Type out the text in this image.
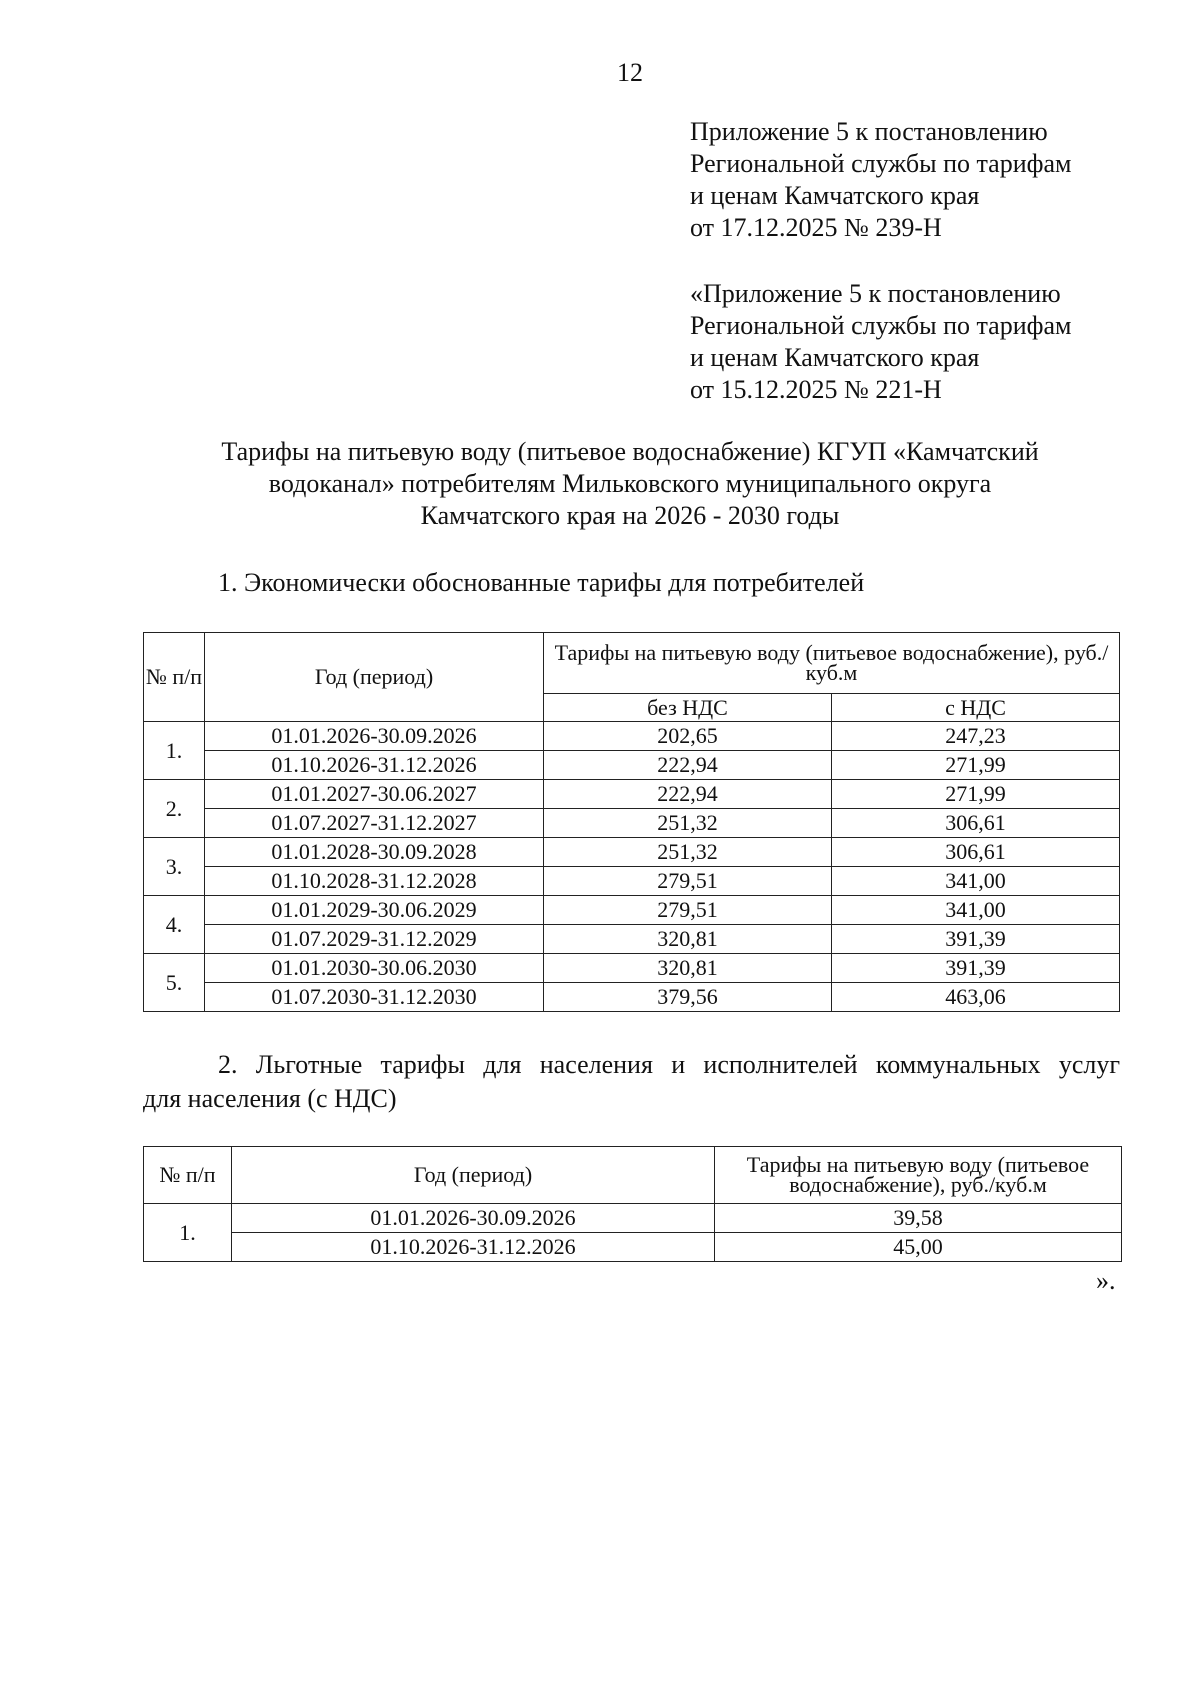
12
Приложение 5 к постановлению
Региональной службы по тарифам
и ценам Камчатского края
от 17.12.2025 № 239-Н
«Приложение 5 к постановлению
Региональной службы по тарифам
и ценам Камчатского края
от 15.12.2025 № 221-Н
Тарифы на питьевую воду (питьевое водоснабжение) КГУП «Камчатский
водоканал» потребителям Мильковского муниципального округа
Камчатского края на 2026 - 2030 годы
1. Экономически обоснованные тарифы для потребителей
№ п/п	Год (период)	Тарифы на питьевую воду (питьевое водоснабжение), руб./куб.м	
		без НДС	с НДС
1.	01.01.2026-30.09.2026	202,65	247,23
	01.10.2026-31.12.2026	222,94	271,99
2.	01.01.2027-30.06.2027	222,94	271,99
	01.07.2027-31.12.2027	251,32	306,61
3.	01.01.2028-30.09.2028	251,32	306,61
	01.10.2028-31.12.2028	279,51	341,00
4.	01.01.2029-30.06.2029	279,51	341,00
	01.07.2029-31.12.2029	320,81	391,39
5.	01.01.2030-30.06.2030	320,81	391,39
	01.07.2030-31.12.2030	379,56	463,06
2. Льготные тарифы для населения и исполнителей коммунальных услуг
для населения (с НДС)
№ п/п	Год (период)	Тарифы на питьевую воду (питьевое водоснабжение), руб./куб.м
1.	01.01.2026-30.09.2026	39,58
	01.10.2026-31.12.2026	45,00
».
